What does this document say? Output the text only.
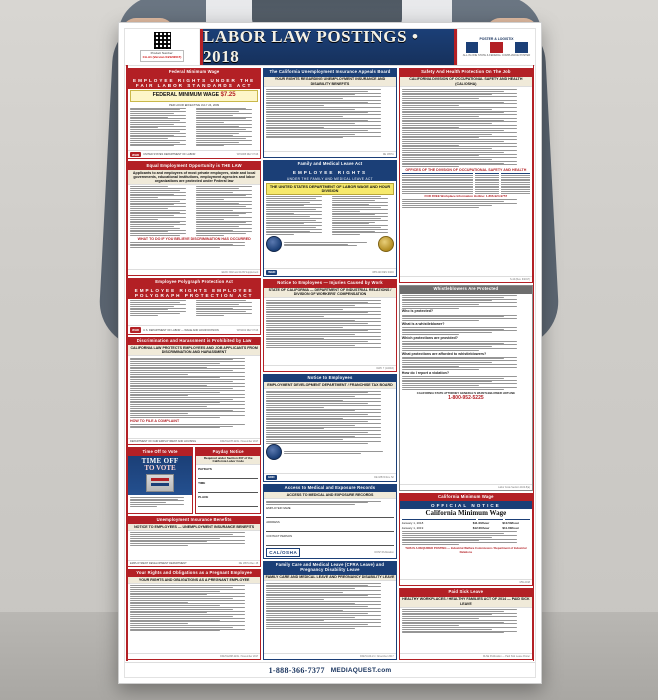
Product Number:
CA-A1 (Version 04/12/2017)
LABOR LAW POSTINGS • 2018
POSTER & LOGISTIX
ALL-IN-ONE STATE & FEDERAL COMPLIANCE POSTER
Federal Minimum Wage
EMPLOYEE RIGHTS UNDER THE FAIR LABOR STANDARDS ACT
FEDERAL MINIMUM WAGE $7.25
PER HOUR EFFECTIVE JULY 24, 2009
WHD	UNITED STATES DEPARTMENT OF LABOR	WH1088 REV 07/16
Equal Employment Opportunity is THE LAW
Applicants to and employees of most private employers, state and local governments, educational institutions, employment agencies and labor organizations are protected under Federal law
WHAT TO DO IF YOU BELIEVE DISCRIMINATION HAS OCCURRED
EEOC 9/02 and 11/09 Supplement
Employee Polygraph Protection Act
EMPLOYEE RIGHTS EMPLOYEE POLYGRAPH PROTECTION ACT
WHD	U.S. DEPARTMENT OF LABOR — WAGE AND HOUR DIVISION	WH1462 REV 07/16
Discrimination and Harassment is Prohibited by Law
CALIFORNIA LAW PROTECTS EMPLOYEES AND JOB APPLICANTS FROM DISCRIMINATION AND HARASSMENT
HOW TO FILE A COMPLAINT
DEPARTMENT OF FAIR EMPLOYMENT AND HOUSING	DFEH-E07P-ENG / November 2017
Time Off to Vote
TIME OFF
TO VOTE
Payday Notice
Required under Section 207 of the California Labor Code
PAYDAYS
TIME
PLACE
Unemployment Insurance Benefits
NOTICE TO EMPLOYEES — UNEMPLOYMENT INSURANCE BENEFITS
EMPLOYMENT DEVELOPMENT DEPARTMENT	DE 1857A Rev. 45
Your Rights and Obligations as a Pregnant Employee
YOUR RIGHTS AND OBLIGATIONS AS A PREGNANT EMPLOYEE
DFEH-E09P-ENG / November 2017
The California Unemployment Insurance Appeals Board
YOUR RIGHTS REGARDING UNEMPLOYMENT INSURANCE AND DISABILITY BENEFITS
DE 1857A
Family and Medical Leave Act
EMPLOYEE RIGHTS
UNDER THE FAMILY AND MEDICAL LEAVE ACT
THE UNITED STATES DEPARTMENT OF LABOR WAGE AND HOUR DIVISION
WHD	WH1420 REV 04/16
Notice to Employees — Injuries Caused by Work
STATE OF CALIFORNIA — DEPARTMENT OF INDUSTRIAL RELATIONS / DIVISION OF WORKERS' COMPENSATION
DWC 7 (1/2016)
Notice to Employees
EMPLOYMENT DEVELOPMENT DEPARTMENT / FRANCHISE TAX BOARD
EDD	DE 1857A Rev. 52
Access to Medical and Exposure Records
ACCESS TO MEDICAL AND EXPOSURE RECORDS
EMPLOYER NAME
ADDRESS
CONTACT PERSON
CAL/OSHA	DOSH Publication
Family Care and Medical Leave (CFRA Leave) and Pregnancy Disability Leave
FAMILY CARE AND MEDICAL LEAVE AND PREGNANCY DISABILITY LEAVE
DFEH-100-21 / November 2017
Safety And Health Protection On The Job
CALIFORNIA DIVISION OF OCCUPATIONAL SAFETY AND HEALTH (CAL/OSHA)
OFFICES OF THE DIVISION OF OCCUPATIONAL SAFETY AND HEALTH
FOR FREE Workplace Information Hotline: 1-866-924-9757
S-10 (Rev. 9/2017)
Whistleblowers Are Protected
Who is protected?
What is a whistleblower?
Which protections are provided?
What protections are afforded to whistleblowers?
How do I report a violation?
CALIFORNIA STATE ATTORNEY GENERAL'S WHISTLEBLOWER HOTLINE
1-800-952-5225
Labor Code Section 1102.8(a)
California Minimum Wage
OFFICIAL NOTICE
California Minimum Wage
January 1, 2018	$11.00/hour	$10.50/hour
January 1, 2019	$12.00/hour	$11.00/hour
THIS IS A REQUIRED POSTING — Industrial Welfare Commission / Department of Industrial Relations
MW-2018
Paid Sick Leave
HEALTHY WORKPLACES / HEALTHY FAMILIES ACT OF 2014 — PAID SICK LEAVE
DLSE Publication — Paid Sick Leave Poster
1-888-366-7377 MEDIAQUEST.com
